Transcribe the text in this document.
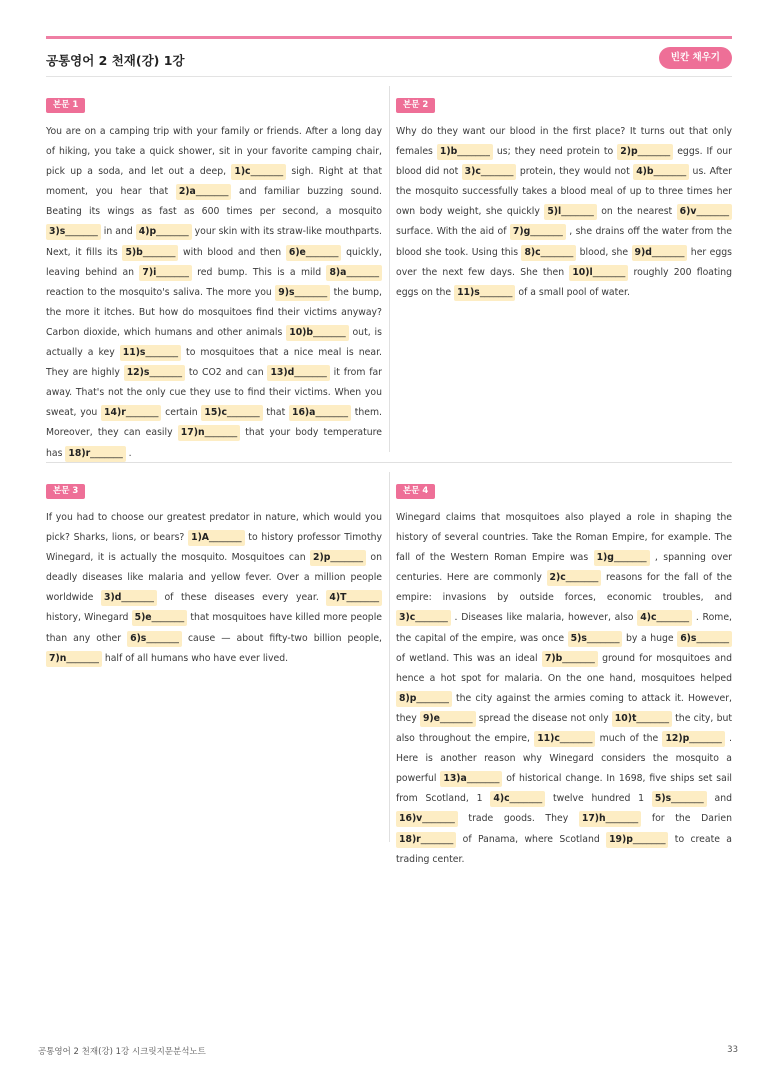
공통영어 2 천재(강) 1강	빈칸 채우기
본문 1
You are on a camping trip with your family or friends. After a long day of hiking, you take a quick shower, sit in your favorite camping chair, pick up a soda, and let out a deep, 1)c_______ sigh. Right at that moment, you hear that 2)a_______ and familiar buzzing sound. Beating its wings as fast as 600 times per second, a mosquito 3)s_______ in and 4)p_______ your skin with its straw-like mouthparts. Next, it fills its 5)b_______ with blood and then 6)e_______ quickly, leaving behind an 7)i_______ red bump. This is a mild 8)a_______ reaction to the mosquito's saliva. The more you 9)s_______ the bump, the more it itches. But how do mosquitoes find their victims anyway? Carbon dioxide, which humans and other animals 10)b_______ out, is actually a key 11)s_______ to mosquitoes that a nice meal is near. They are highly 12)s_______ to CO2 and can 13)d_______ it from far away. That's not the only cue they use to find their victims. When you sweat, you 14)r_______ certain 15)c_______ that 16)a_______ them. Moreover, they can easily 17)n_______ that your body temperature has 18)r_______ .
본문 2
Why do they want our blood in the first place? It turns out that only females 1)b_______ us; they need protein to 2)p_______ eggs. If our blood did not 3)c_______ protein, they would not 4)b_______ us. After the mosquito successfully takes a blood meal of up to three times her own body weight, she quickly 5)l_______ on the nearest 6)v_______ surface. With the aid of 7)g_______ , she drains off the water from the blood she took. Using this 8)c_______ blood, she 9)d_______ her eggs over the next few days. She then 10)l_______ roughly 200 floating eggs on the 11)s_______ of a small pool of water.
본문 3
If you had to choose our greatest predator in nature, which would you pick? Sharks, lions, or bears? 1)A_______ to history professor Timothy Winegard, it is actually the mosquito. Mosquitoes can 2)p_______ on deadly diseases like malaria and yellow fever. Over a million people worldwide 3)d_______ of these diseases every year. 4)T_______ history, Winegard 5)e_______ that mosquitoes have killed more people than any other 6)s_______ cause — about fifty-two billion people, 7)n_______ half of all humans who have ever lived.
본문 4
Winegard claims that mosquitoes also played a role in shaping the history of several countries. Take the Roman Empire, for example. The fall of the Western Roman Empire was 1)g_______ , spanning over centuries. Here are commonly 2)c_______ reasons for the fall of the empire: invasions by outside forces, economic troubles, and 3)c_______ . Diseases like malaria, however, also 4)c_______ . Rome, the capital of the empire, was once 5)s_______ by a huge 6)s_______ of wetland. This was an ideal 7)b_______ ground for mosquitoes and hence a hot spot for malaria. On the one hand, mosquitoes helped 8)p_______ the city against the armies coming to attack it. However, they 9)e_______ spread the disease not only 10)t_______ the city, but also throughout the empire, 11)c_______ much of the 12)p_______ . Here is another reason why Winegard considers the mosquito a powerful 13)a_______ of historical change. In 1698, five ships set sail from Scotland, 1 4)c_______ twelve hundred 1 5)s_______ and 16)v_______ trade goods. They 17)h_______ for the Darien 18)r_______ of Panama, where Scotland 19)p_______ to create a trading center.
공통영어 2 천재(강) 1강 시크릿지문분석노트	33
